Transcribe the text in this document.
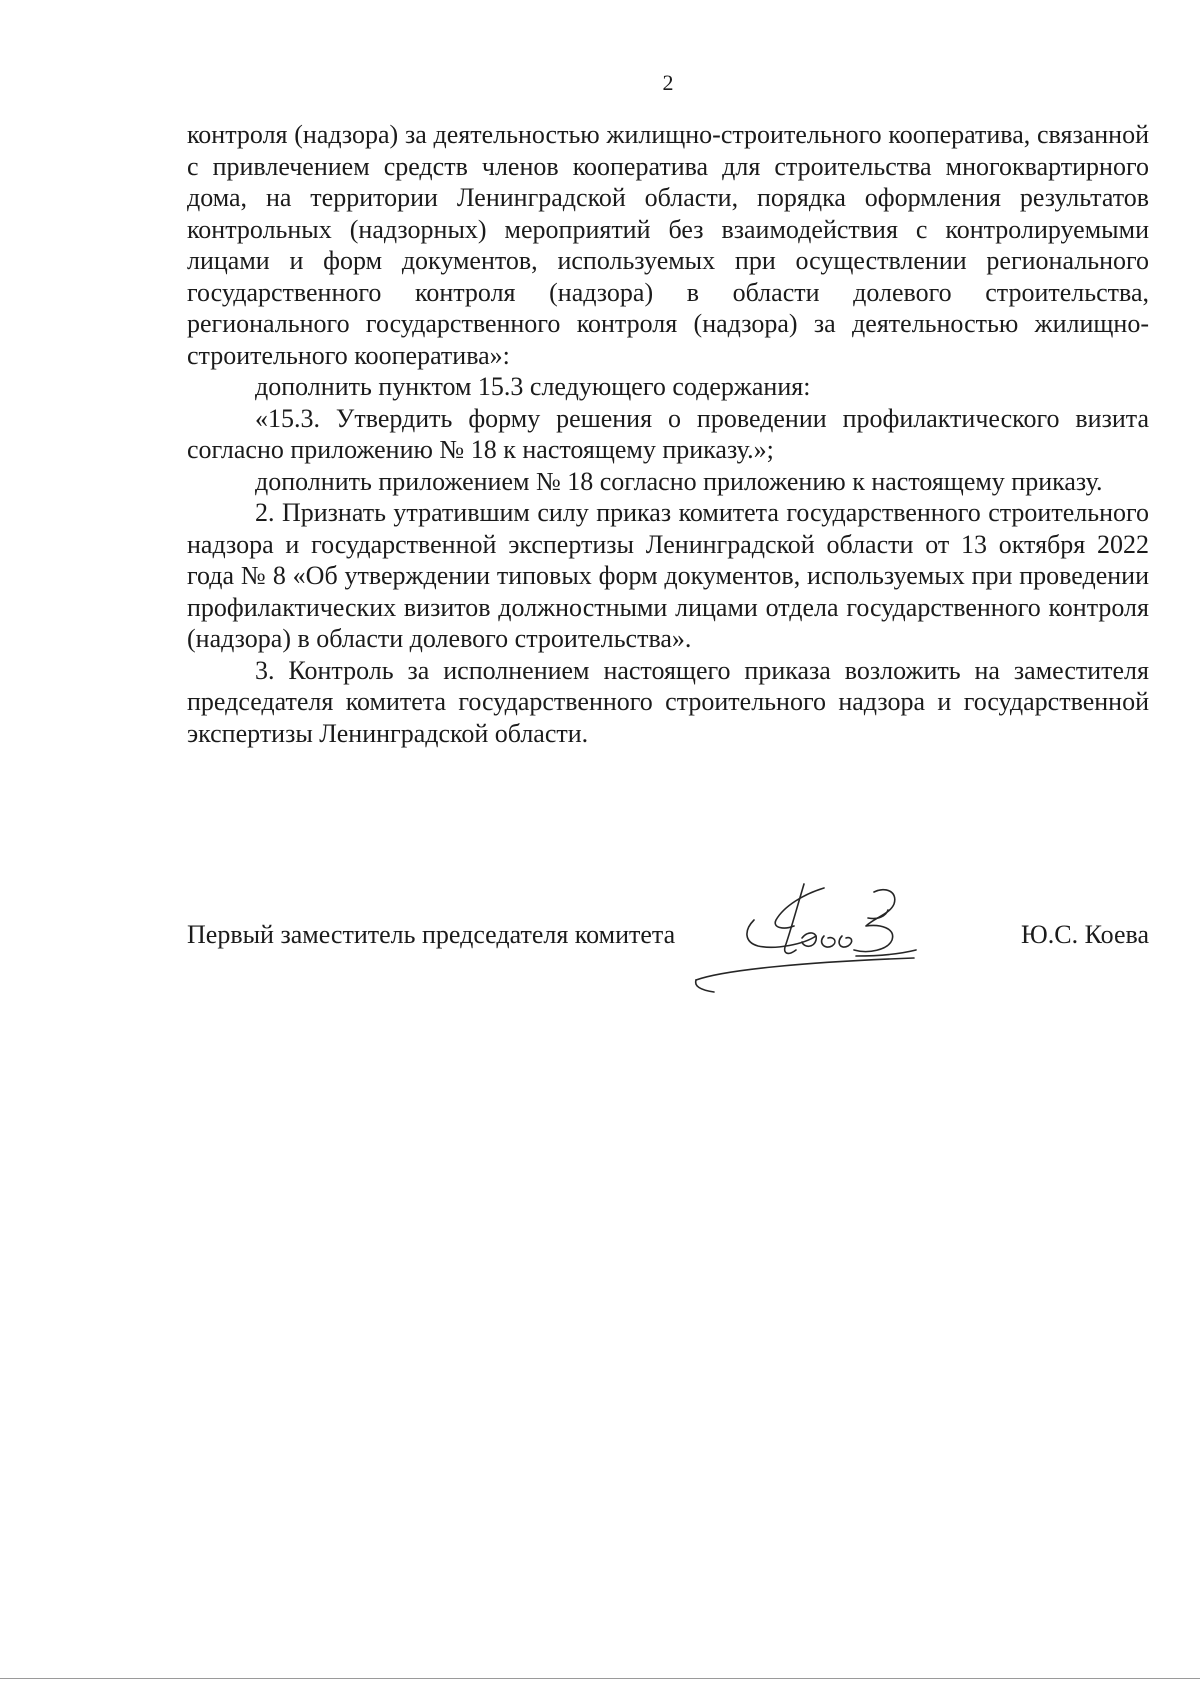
2

контроля (надзора) за деятельностью жилищно-строительного кооператива, связанной с привлечением средств членов кооператива для строительства многоквартирного дома, на территории Ленинградской области, порядка оформления результатов контрольных (надзорных) мероприятий без взаимодействия с контролируемыми лицами и форм документов, используемых при осуществлении регионального государственного контроля (надзора) в области долевого строительства, регионального государственного контроля (надзора) за деятельностью жилищно-строительного кооператива»:

дополнить пунктом 15.3 следующего содержания:

«15.3. Утвердить форму решения о проведении профилактического визита согласно приложению № 18 к настоящему приказу.»;

дополнить приложением № 18 согласно приложению к настоящему приказу.

2. Признать утратившим силу приказ комитета государственного строительного надзора и государственной экспертизы Ленинградской области от 13 октября 2022 года № 8 «Об утверждении типовых форм документов, используемых при проведении профилактических визитов должностными лицами отдела государственного контроля (надзора) в области долевого строительства».

3. Контроль за исполнением настоящего приказа возложить на заместителя председателя комитета государственного строительного надзора и государственной экспертизы Ленинградской области.

Первый заместитель председателя комитета	Ю.С. Коева
